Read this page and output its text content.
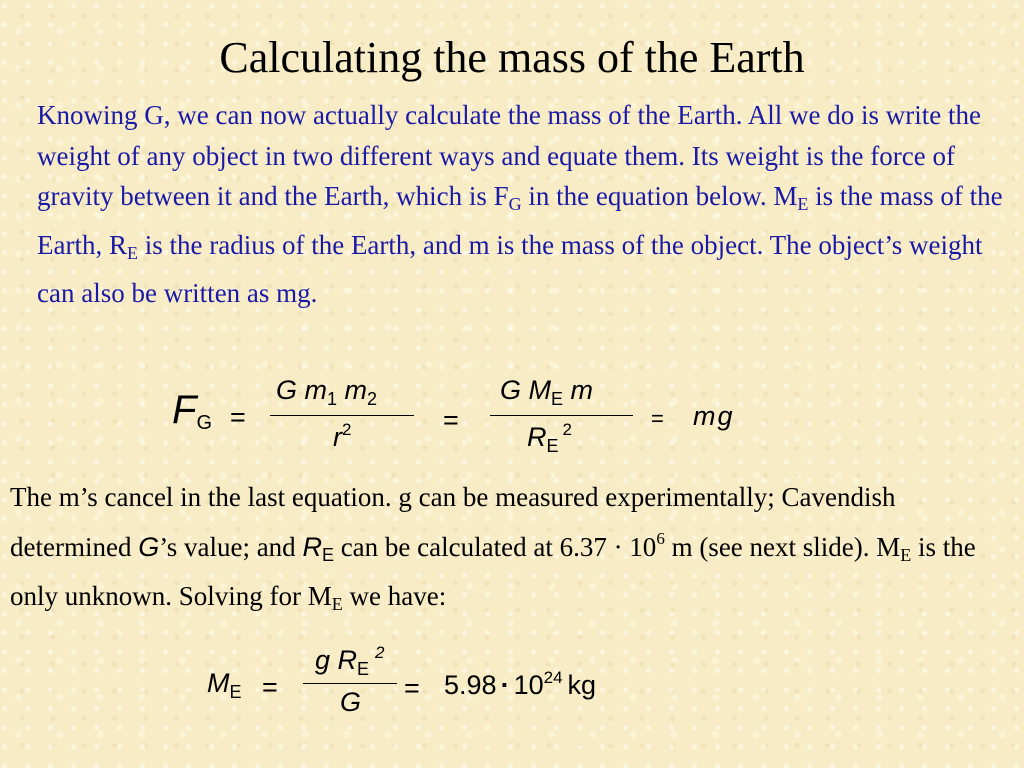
Calculating the mass of the Earth
Knowing G, we can now actually calculate the mass of the Earth. All we do is write the weight of any object in two different ways and equate them. Its weight is the force of gravity between it and the Earth, which is $F_G$ in the equation below. $M_E$ is the mass of the Earth, $R_E$ is the radius of the Earth, and m is the mass of the object. The object’s weight can also be written as mg.
$F_G$ =
G $m_1$ $m_2$
$r^2$	=
G $M_E$ m
$R_E^2$	= mg
The m’s cancel in the last equation. g can be measured experimentally; Cavendish determined G’s value; and $R_E$ can be calculated at $6.37 \cdot 10^6$ m (see next slide). $M_E$ is the only unknown. Solving for $M_E$ we have:
$M_E$ =
g $R_E^2$
$G = 5.98 \cdot 10^{24}$ kg
